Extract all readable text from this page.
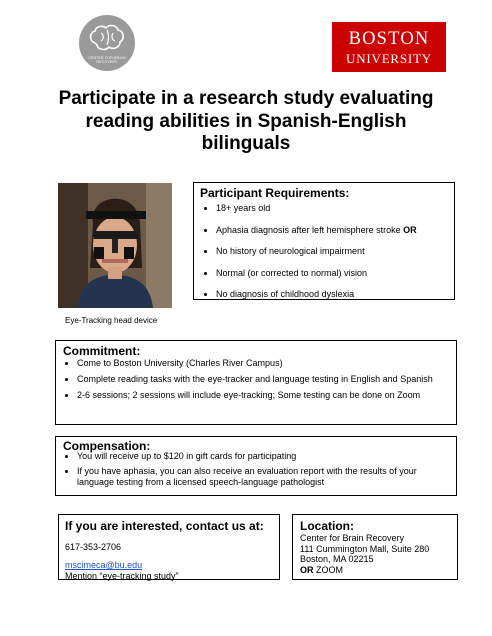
CENTER FOR BRAIN RECOVERY
BOSTON
UNIVERSITY
Participate in a research study evaluating
reading abilities in Spanish-English
bilinguals
Eye-Tracking head device
Participant Requirements:
18+ years old
Aphasia diagnosis after left hemisphere stroke OR
No history of neurological impairment
Normal (or corrected to normal) vision
No diagnosis of childhood dyslexia
Commitment:
Come to Boston University (Charles River Campus)
Complete reading tasks with the eye-tracker and language testing in English and Spanish
2-6 sessions; 2 sessions will include eye-tracking; Some testing can be done on Zoom
Compensation:
You will receive up to $120 in gift cards for participating
If you have aphasia, you can also receive an evaluation report with the results of your language testing from a licensed speech-language pathologist
If you are interested, contact us at:
617-353-2706
mscimeca@bu.edu
Mention “eye-tracking study”
Location:
Center for Brain Recovery
111 Cummington Mall, Suite 280
Boston, MA 02215
OR ZOOM
